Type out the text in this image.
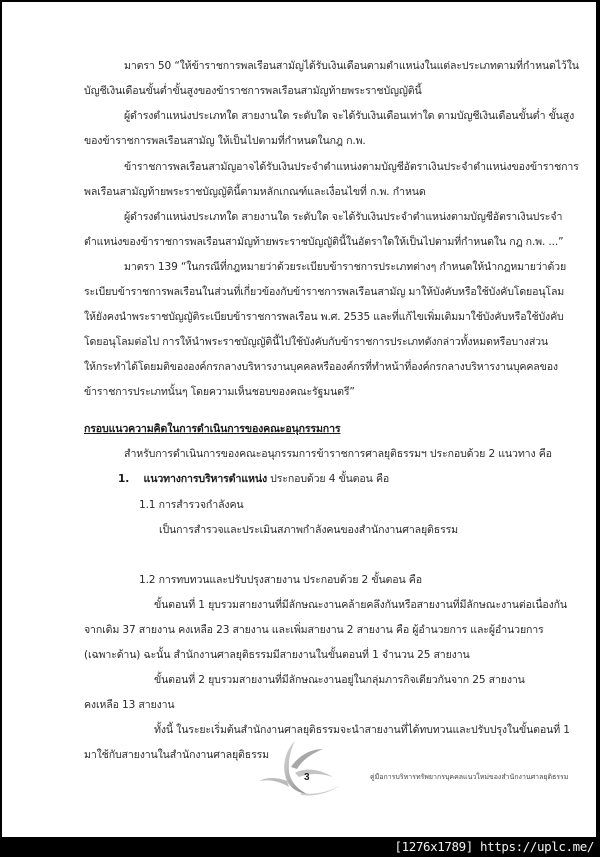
มาตรา 50 “ให้ข้าราชการพลเรือนสามัญได้รับเงินเดือนตามตำแหน่งในแต่ละประเภทตามที่กำหนดไว้ใน
บัญชีเงินเดือนขั้นต่ำขั้นสูงของข้าราชการพลเรือนสามัญท้ายพระราชบัญญัตินี้
ผู้ดำรงตำแหน่งประเภทใด สายงานใด ระดับใด จะได้รับเงินเดือนเท่าใด ตามบัญชีเงินเดือนขั้นต่ำ ขั้นสูง
ของข้าราชการพลเรือนสามัญ ให้เป็นไปตามที่กำหนดในกฎ ก.พ.
ข้าราชการพลเรือนสามัญอาจได้รับเงินประจำตำแหน่งตามบัญชีอัตราเงินประจำตำแหน่งของข้าราชการ
พลเรือนสามัญท้ายพระราชบัญญัตินี้ตามหลักเกณฑ์และเงื่อนไขที่ ก.พ. กำหนด
ผู้ดำรงตำแหน่งประเภทใด สายงานใด ระดับใด จะได้รับเงินประจำตำแหน่งตามบัญชีอัตราเงินประจำ
ตำแหน่งของข้าราชการพลเรือนสามัญท้ายพระราชบัญญัตินี้ในอัตราใดให้เป็นไปตามที่กำหนดใน กฎ ก.พ. ...”
มาตรา 139 “ในกรณีที่กฎหมายว่าด้วยระเบียบข้าราชการประเภทต่างๆ กำหนดให้นำกฎหมายว่าด้วย
ระเบียบข้าราชการพลเรือนในส่วนที่เกี่ยวข้องกับข้าราชการพลเรือนสามัญ มาให้บังคับหรือใช้บังคับโดยอนุโลม
ให้ยังคงนำพระราชบัญญัติระเบียบข้าราชการพลเรือน พ.ศ. 2535 และที่แก้ไขเพิ่มเติมมาใช้บังคับหรือใช้บังคับ
โดยอนุโลมต่อไป การให้นำพระราชบัญญัตินี้ไปใช้บังคับกับข้าราชการประเภทดังกล่าวทั้งหมดหรือบางส่วน
ให้กระทำได้โดยมติขององค์กรกลางบริหารงานบุคคลหรือองค์กรที่ทำหน้าที่องค์กรกลางบริหารงานบุคคลของ
ข้าราชการประเภทนั้นๆ โดยความเห็นชอบของคณะรัฐมนตรี”
กรอบแนวความคิดในการดำเนินการของคณะอนุกรรมการ
สำหรับการดำเนินการของคณะอนุกรรมการข้าราชการศาลยุติธรรมฯ ประกอบด้วย 2 แนวทาง คือ
1. แนวทางการบริหารตำแหน่ง ประกอบด้วย 4 ขั้นตอน คือ
1.1 การสำรวจกำลังคน
เป็นการสำรวจและประเมินสภาพกำลังคนของสำนักงานศาลยุติธรรม
1.2 การทบทวนและปรับปรุงสายงาน ประกอบด้วย 2 ขั้นตอน คือ
ขั้นตอนที่ 1 ยุบรวมสายงานที่มีลักษณะงานคล้ายคลึงกันหรือสายงานที่มีลักษณะงานต่อเนื่องกัน
จากเดิม 37 สายงาน คงเหลือ 23 สายงาน และเพิ่มสายงาน 2 สายงาน คือ ผู้อำนวยการ และผู้อำนวยการ
(เฉพาะด้าน) ฉะนั้น สำนักงานศาลยุติธรรมมีสายงานในขั้นตอนที่ 1 จำนวน 25 สายงาน
ขั้นตอนที่ 2 ยุบรวมสายงานที่มีลักษณะงานอยู่ในกลุ่มภารกิจเดียวกันจาก 25 สายงาน
คงเหลือ 13 สายงาน
ทั้งนี้ ในระยะเริ่มต้นสำนักงานศาลยุติธรรมจะนำสายงานที่ได้ทบทวนและปรับปรุงในขั้นตอนที่ 1
มาใช้กับสายงานในสำนักงานศาลยุติธรรม
3	คู่มือการบริหารทรัพยากรบุคคลแนวใหม่ของสำนักงานศาลยุติธรรม
[1276x1789] https://uplc.me/
